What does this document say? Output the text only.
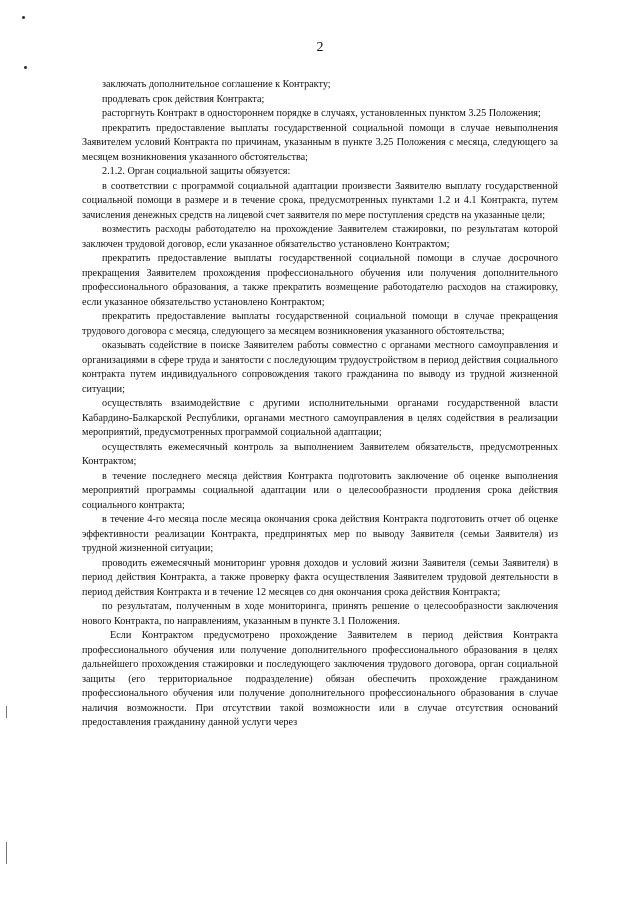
2

заключать дополнительное соглашение к Контракту;

продлевать срок действия Контракта;

расторгнуть Контракт в одностороннем порядке в случаях, установленных пунктом 3.25 Положения;

прекратить предоставление выплаты государственной социальной помощи в случае невыполнения Заявителем условий Контракта по причинам, указанным в пункте 3.25 Положения с месяца, следующего за месяцем возникновения указанного обстоятельства;

2.1.2. Орган социальной защиты обязуется:

в соответствии с программой социальной адаптации произвести Заявителю выплату государственной социальной помощи в размере и в течение срока, предусмотренных пунктами 1.2 и 4.1 Контракта, путем зачисления денежных средств на лицевой счет заявителя по мере поступления средств на указанные цели;

возместить расходы работодателю на прохождение Заявителем стажировки, по результатам которой заключен трудовой договор, если указанное обязательство установлено Контрактом;

прекратить предоставление выплаты государственной социальной помощи в случае досрочного прекращения Заявителем прохождения профессионального обучения или получения дополнительного профессионального образования, а также прекратить возмещение работодателю расходов на стажировку, если указанное обязательство установлено Контрактом;

прекратить предоставление выплаты государственной социальной помощи в случае прекращения трудового договора с месяца, следующего за месяцем возникновения указанного обстоятельства;

оказывать содействие в поиске Заявителем работы совместно с органами местного самоуправления и организациями в сфере труда и занятости с последующим трудоустройством в период действия социального контракта путем индивидуального сопровождения такого гражданина по выводу из трудной жизненной ситуации;

осуществлять взаимодействие с другими исполнительными органами государственной власти Кабардино-Балкарской Республики, органами местного самоуправления в целях содействия в реализации мероприятий, предусмотренных программой социальной адаптации;

осуществлять ежемесячный контроль за выполнением Заявителем обязательств, предусмотренных Контрактом;

в течение последнего месяца действия Контракта подготовить заключение об оценке выполнения мероприятий программы социальной адаптации или о целесообразности продления срока действия социального контракта;

в течение 4-го месяца после месяца окончания срока действия Контракта подготовить отчет об оценке эффективности реализации Контракта, предпринятых мер по выводу Заявителя (семьи Заявителя) из трудной жизненной ситуации;

проводить ежемесячный мониторинг уровня доходов и условий жизни Заявителя (семьи Заявителя) в период действия Контракта, а также проверку факта осуществления Заявителем трудовой деятельности в период действия Контракта и в течение 12 месяцев со дня окончания срока действия Контракта;

по результатам, полученным в ходе мониторинга, принять решение о целесообразности заключения нового Контракта, по направлениям, указанным в пункте 3.1 Положения.

Если Контрактом предусмотрено прохождение Заявителем в период действия Контракта профессионального обучения или получение дополнительного профессионального образования в целях дальнейшего прохождения стажировки и последующего заключения трудового договора, орган социальной защиты (его территориальное подразделение) обязан обеспечить прохождение гражданином профессионального обучения или получение дополнительного профессионального образования в случае наличия возможности. При отсутствии такой возможности или в случае отсутствия оснований предоставления гражданину данной услуги через
